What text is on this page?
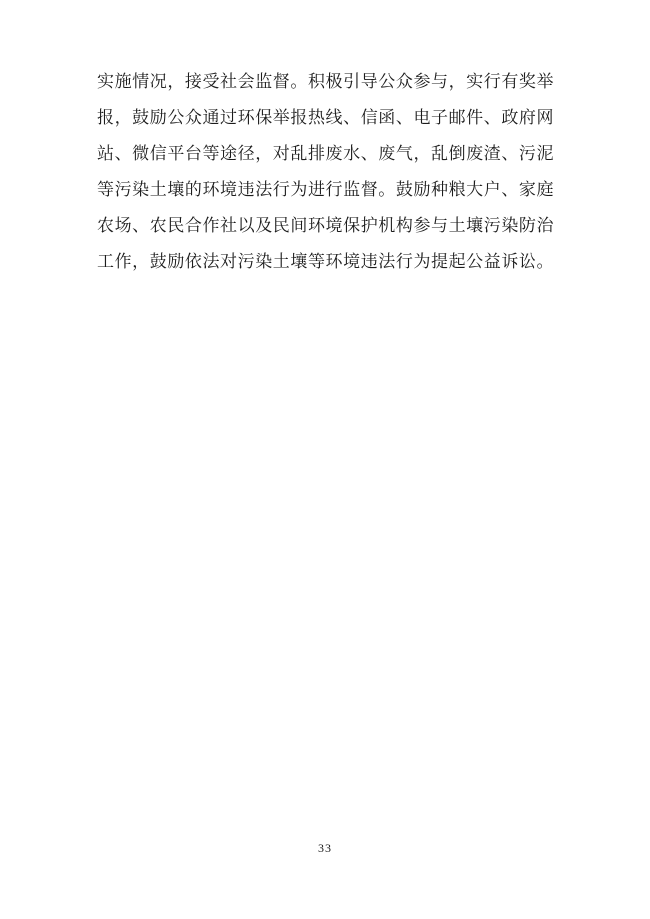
实施情况，接受社会监督。积极引导公众参与，实行有奖举
报，鼓励公众通过环保举报热线、信函、电子邮件、政府网
站、微信平台等途径，对乱排废水、废气，乱倒废渣、污泥
等污染土壤的环境违法行为进行监督。鼓励种粮大户、家庭
农场、农民合作社以及民间环境保护机构参与土壤污染防治
工作，鼓励依法对污染土壤等环境违法行为提起公益诉讼。
33
